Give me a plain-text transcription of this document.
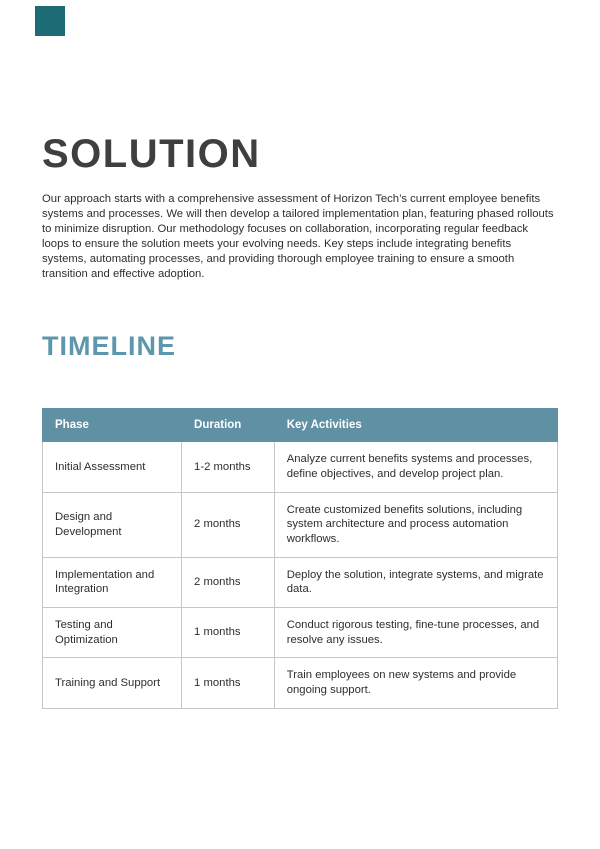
SOLUTION

Our approach starts with a comprehensive assessment of Horizon Tech’s current employee benefits systems and processes. We will then develop a tailored implementation plan, featuring phased rollouts to minimize disruption. Our methodology focuses on collaboration, incorporating regular feedback loops to ensure the solution meets your evolving needs. Key steps include integrating benefits systems, automating processes, and providing thorough employee training to ensure a smooth transition and effective adoption.

TIMELINE
Phase	Duration	Key Activities
Initial Assessment	1-2 months	Analyze current benefits systems and processes, define objectives, and develop project plan.
Design and Development	2 months	Create customized benefits solutions, including system architecture and process automation workflows.
Implementation and Integration	2 months	Deploy the solution, integrate systems, and migrate data.
Testing and Optimization	1 months	Conduct rigorous testing, fine-tune processes, and resolve any issues.
Training and Support	1 months	Train employees on new systems and provide ongoing support.
